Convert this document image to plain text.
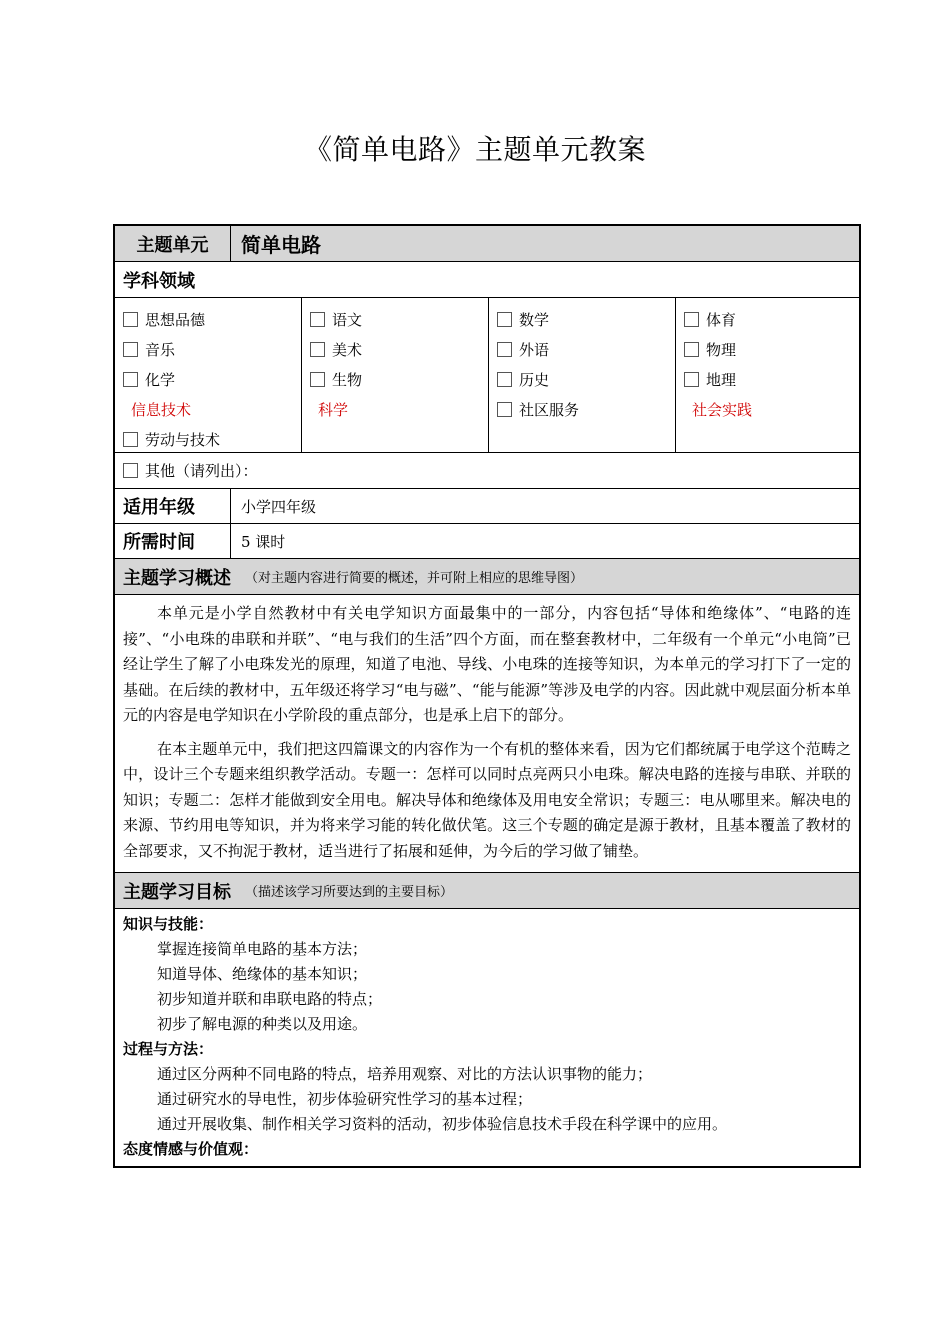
《简单电路》主题单元教案
主题单元	简单电路
学科领域
思想品德
音乐
化学
信息技术
劳动与技术
语文
美术
生物
科学
数学
外语
历史
社区服务
体育
物理
地理
社会实践
其他（请列出）：
适用年级	小学四年级
所需时间	5 课时
主题学习概述 （对主题内容进行简要的概述，并可附上相应的思维导图）

本单元是小学自然教材中有关电学知识方面最集中的一部分，内容包括“导体和绝缘体”、“电路的连接”、“小电珠的串联和并联”、“电与我们的生活”四个方面，而在整套教材中，二年级有一个单元“小电筒”已经让学生了解了小电珠发光的原理，知道了电池、导线、小电珠的连接等知识，为本单元的学习打下了一定的基础。在后续的教材中，五年级还将学习“电与磁”、“能与能源”等涉及电学的内容。因此就中观层面分析本单元的内容是电学知识在小学阶段的重点部分，也是承上启下的部分。

在本主题单元中，我们把这四篇课文的内容作为一个有机的整体来看，因为它们都统属于电学这个范畴之中，设计三个专题来组织教学活动。专题一：怎样可以同时点亮两只小电珠。解决电路的连接与串联、并联的知识；专题二：怎样才能做到安全用电。解决导体和绝缘体及用电安全常识；专题三：电从哪里来。解决电的来源、节约用电等知识，并为将来学习能的转化做伏笔。这三个专题的确定是源于教材，且基本覆盖了教材的全部要求，又不拘泥于教材，适当进行了拓展和延伸，为今后的学习做了铺垫。

主题学习目标 （描述该学习所要达到的主要目标）
知识与技能：
掌握连接简单电路的基本方法；
知道导体、绝缘体的基本知识；
初步知道并联和串联电路的特点；
初步了解电源的种类以及用途。
过程与方法：
通过区分两种不同电路的特点，培养用观察、对比的方法认识事物的能力；
通过研究水的导电性，初步体验研究性学习的基本过程；
通过开展收集、制作相关学习资料的活动，初步体验信息技术手段在科学课中的应用。
态度情感与价值观：
